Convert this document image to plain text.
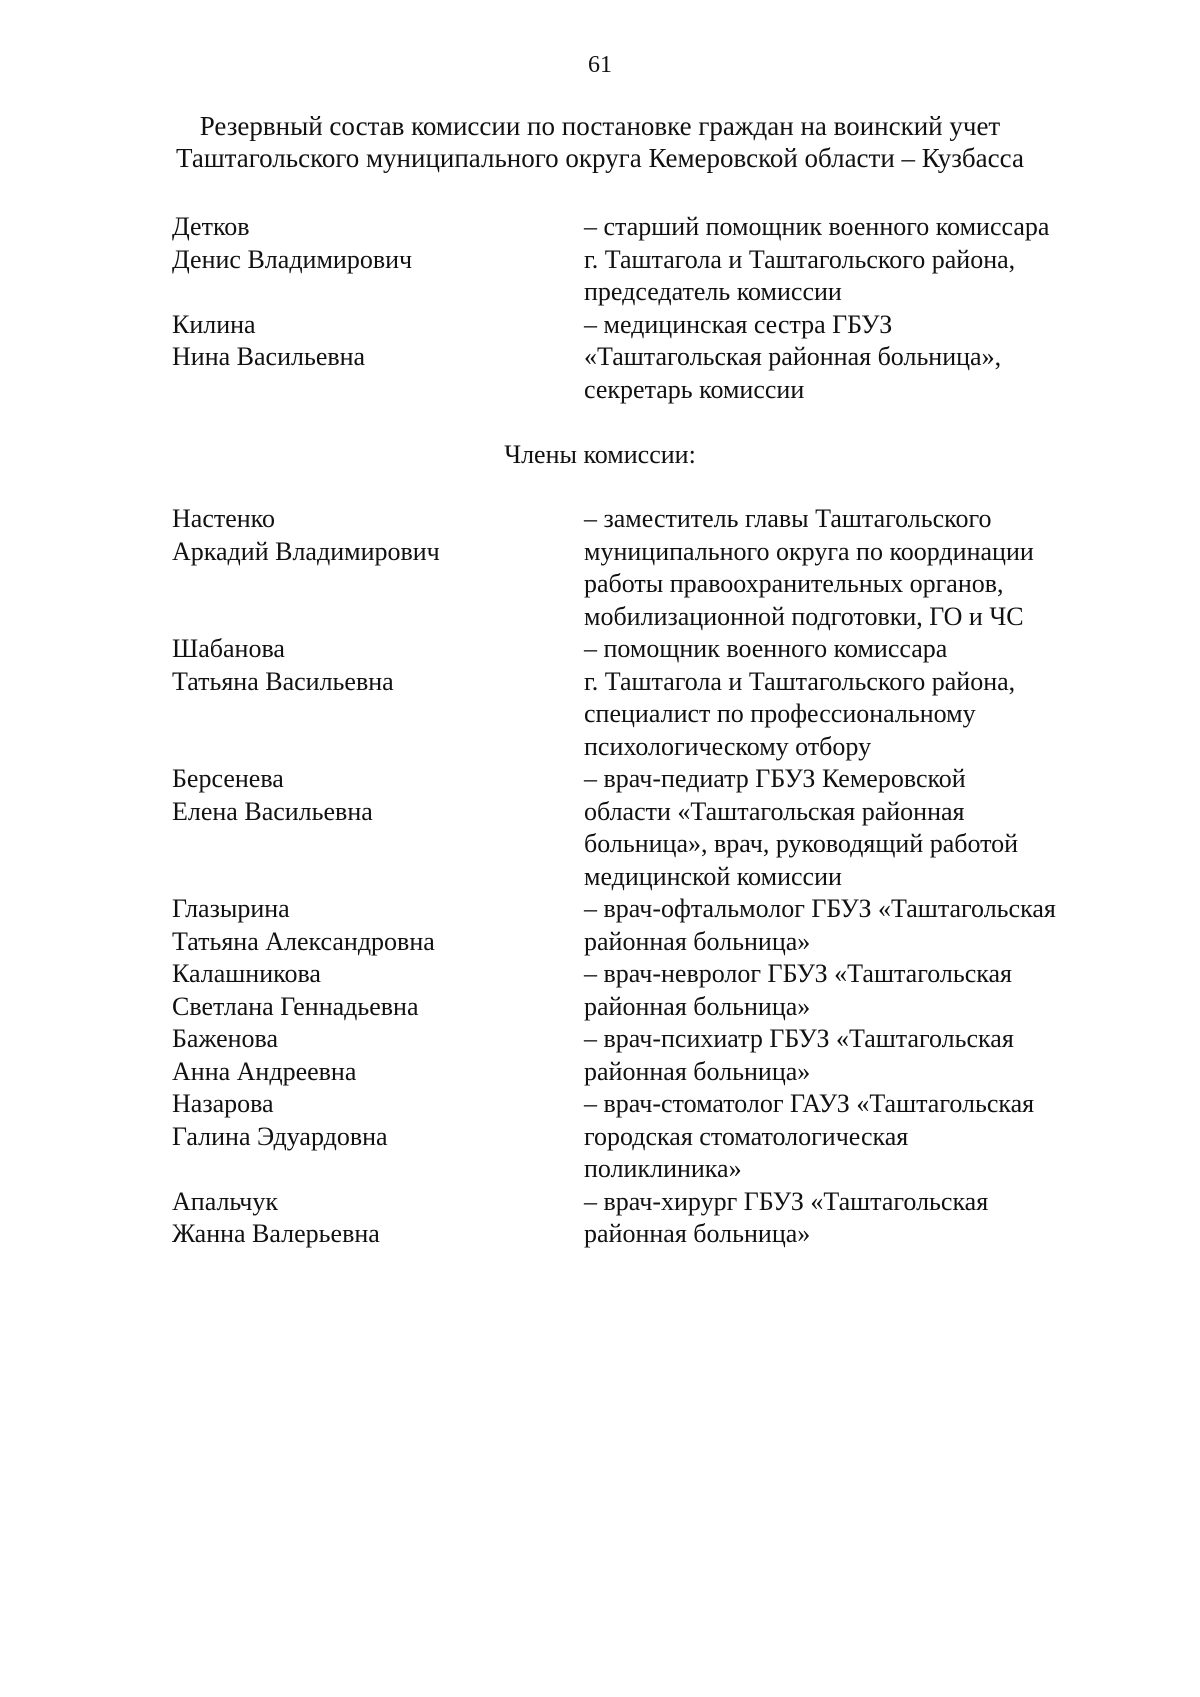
61
Резервный состав комиссии по постановке граждан на воинский учет
Таштагольского муниципального округа Кемеровской области – Кузбасса
Детков
Денис Владимирович
– старший помощник военного комиссара
г. Таштагола и Таштагольского района,
председатель комиссии
Килина
Нина Васильевна
– медицинская сестра ГБУЗ
«Таштагольская районная больница»,
секретарь комиссии
Члены комиссии:
Настенко
Аркадий Владимирович
– заместитель главы Таштагольского
муниципального округа по координации
работы правоохранительных органов,
мобилизационной подготовки, ГО и ЧС
Шабанова
Татьяна Васильевна
– помощник военного комиссара
г. Таштагола и Таштагольского района,
специалист по профессиональному
психологическому отбору
Берсенева
Елена Васильевна
– врач-педиатр ГБУЗ Кемеровской
области «Таштагольская районная
больница», врач, руководящий работой
медицинской комиссии
Глазырина
Татьяна Александровна
– врач-офтальмолог ГБУЗ «Таштагольская
районная больница»
Калашникова
Светлана Геннадьевна
– врач-невролог ГБУЗ «Таштагольская
районная больница»
Баженова
Анна Андреевна
– врач-психиатр ГБУЗ «Таштагольская
районная больница»
Назарова
Галина Эдуардовна
– врач-стоматолог ГАУЗ «Таштагольская
городская стоматологическая
поликлиника»
Апальчук
Жанна Валерьевна
– врач-хирург ГБУЗ «Таштагольская
районная больница»
